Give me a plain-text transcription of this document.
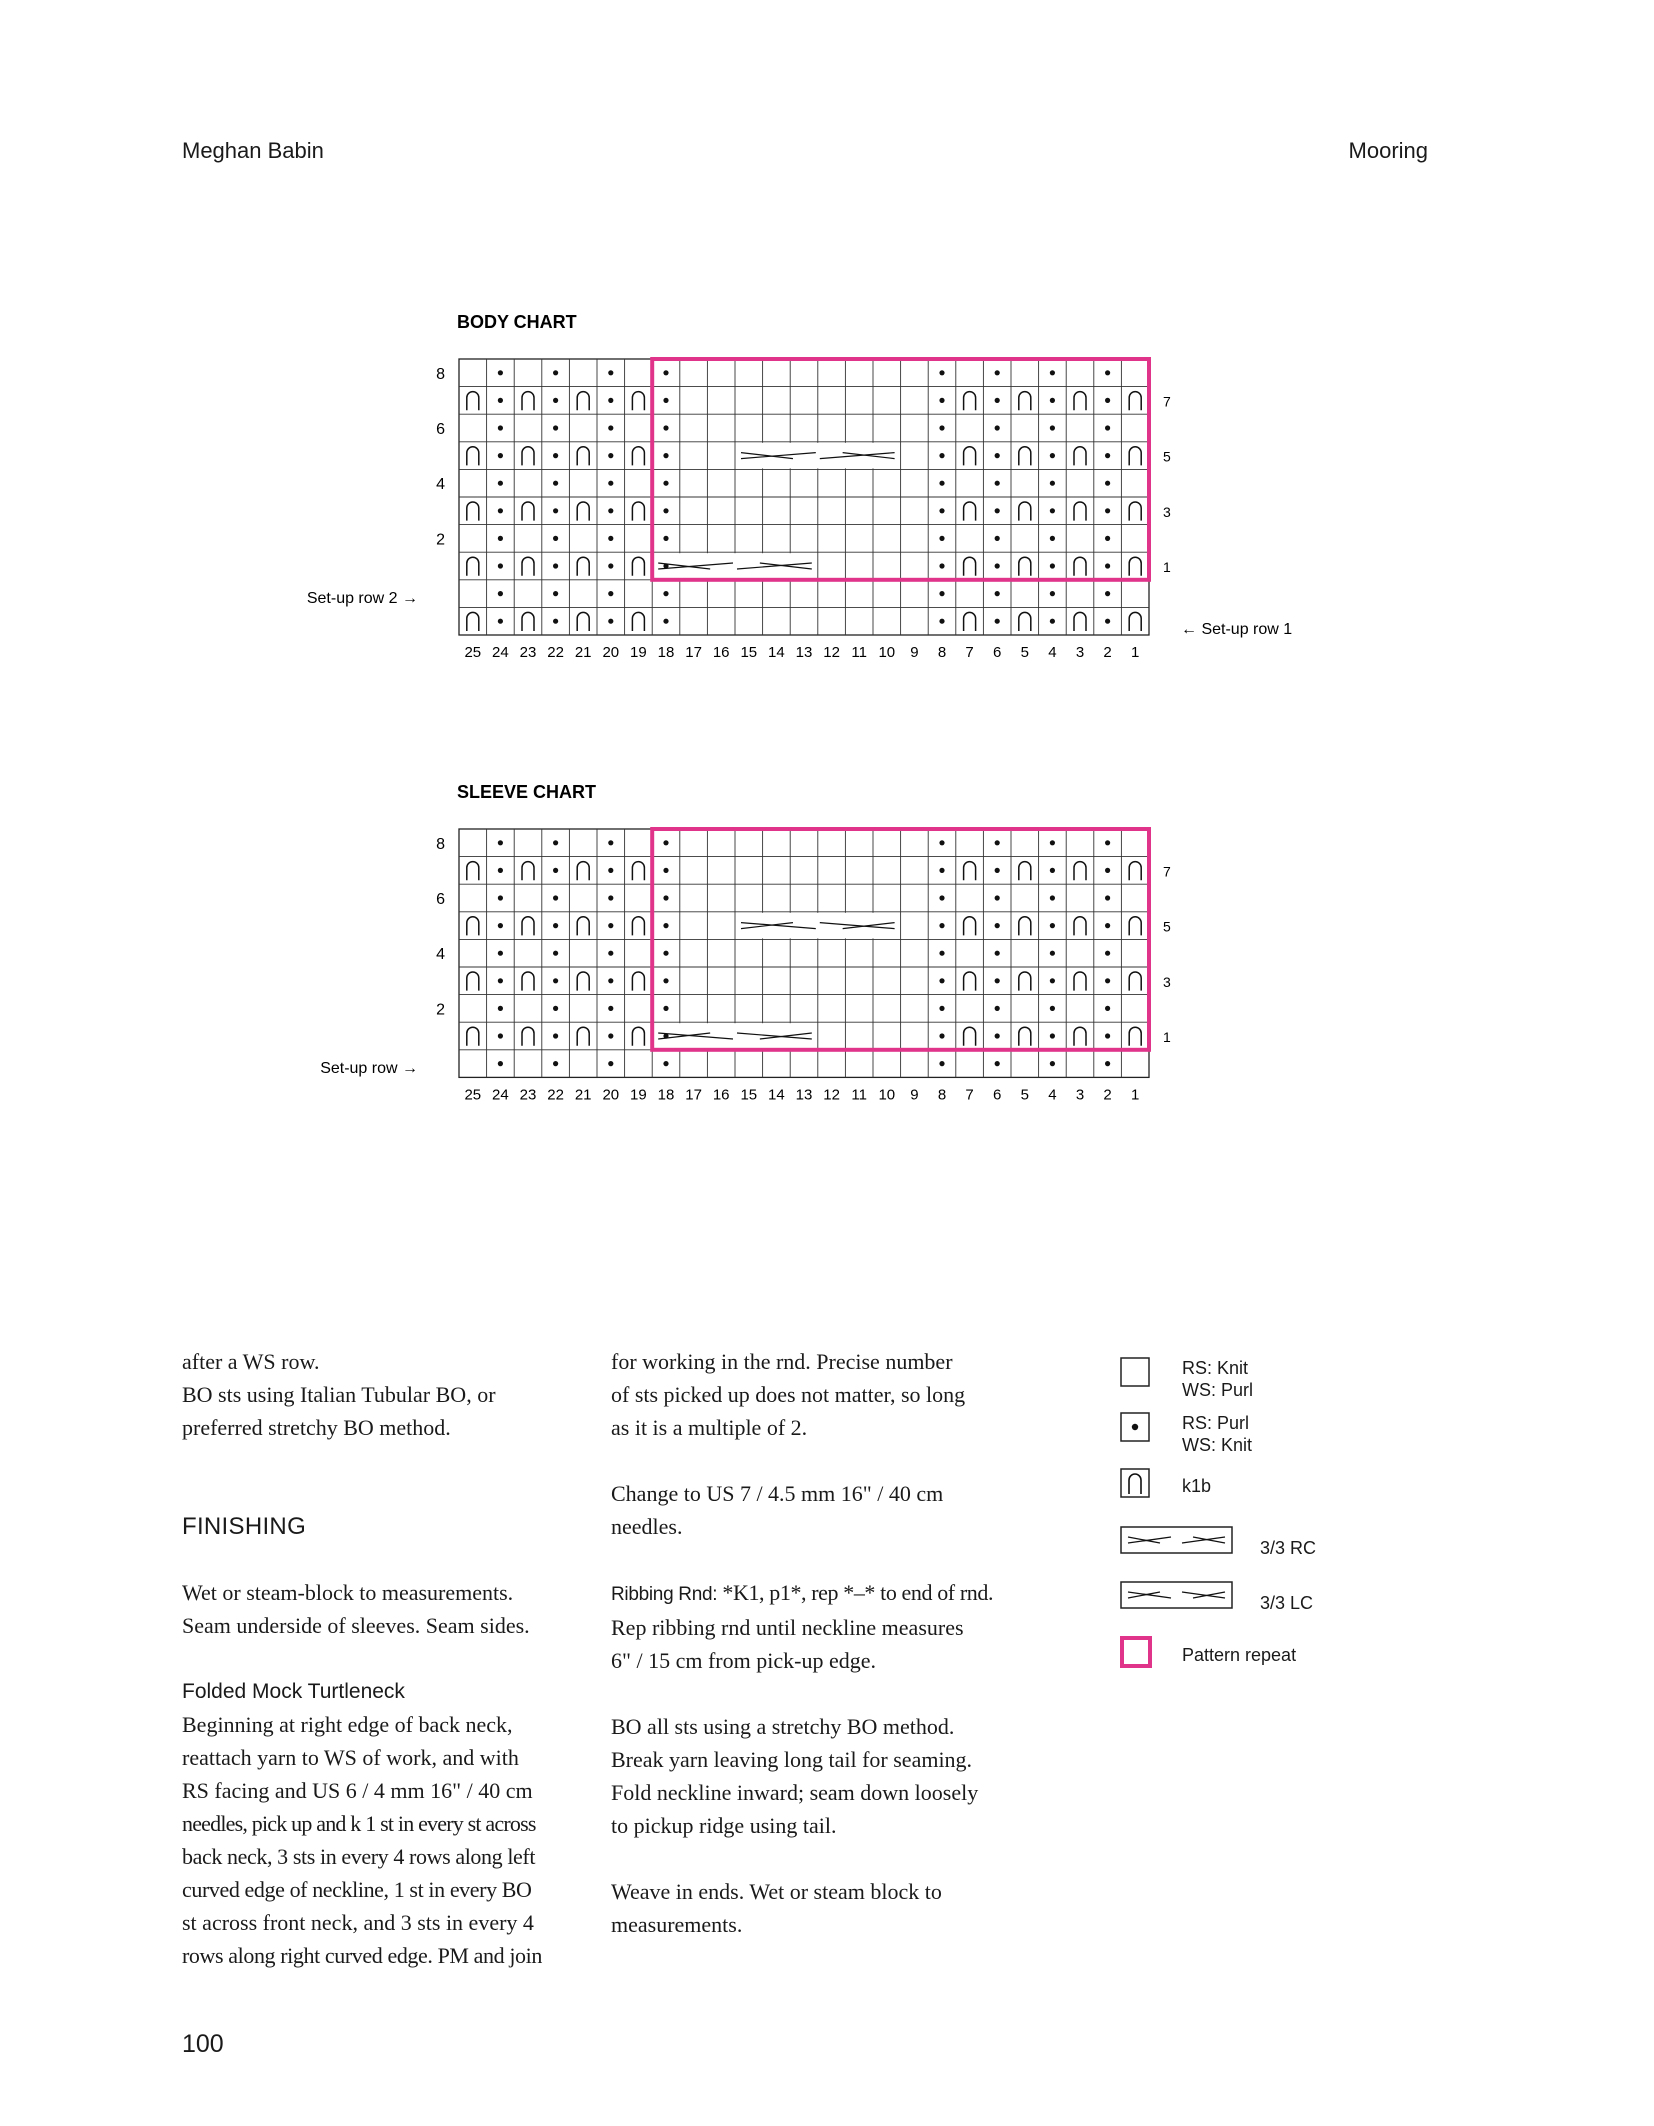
Meghan Babin	Mooring
BODY CHART
8
6
4
2
7
5
3
1
25 24 23 22 21 20 19 18 17 16 15 14 13 12 11 10 9 8 7 6 5 4 3 2 1
Set-up row 2 →
← Set-up row 1
SLEEVE CHART
8
6
4
2
7
5
3
1
25 24 23 22 21 20 19 18 17 16 15 14 13 12 11 10 9 8 7 6 5 4 3 2 1
Set-up row →

after a WS row.

BO sts using Italian Tubular BO, or

preferred stretchy BO method.

FINISHING

Wet or steam-block to measurements.

Seam underside of sleeves. Seam sides.

Folded Mock Turtleneck

Beginning at right edge of back neck,

reattach yarn to WS of work, and with

RS facing and US 6 / 4 mm 16" / 40 cm

needles, pick up and k 1 st in every st across

back neck, 3 sts in every 4 rows along left

curved edge of neckline, 1 st in every BO

st across front neck, and 3 sts in every 4

rows along right curved edge. PM and join

for working in the rnd. Precise number

of sts picked up does not matter, so long

as it is a multiple of 2.

Change to US 7 / 4.5 mm 16" / 40 cm

needles.

Ribbing Rnd: *K1, p1*, rep *–* to end of rnd.

Rep ribbing rnd until neckline measures

6" / 15 cm from pick-up edge.

BO all sts using a stretchy BO method.

Break yarn leaving long tail for seaming.

Fold neckline inward; seam down loosely

to pickup ridge using tail.

Weave in ends. Wet or steam block to

measurements.

RS: Knit
WS: Purl
RS: Purl
WS: Knit
k1b
3/3 RC
3/3 LC
Pattern repeat
100
